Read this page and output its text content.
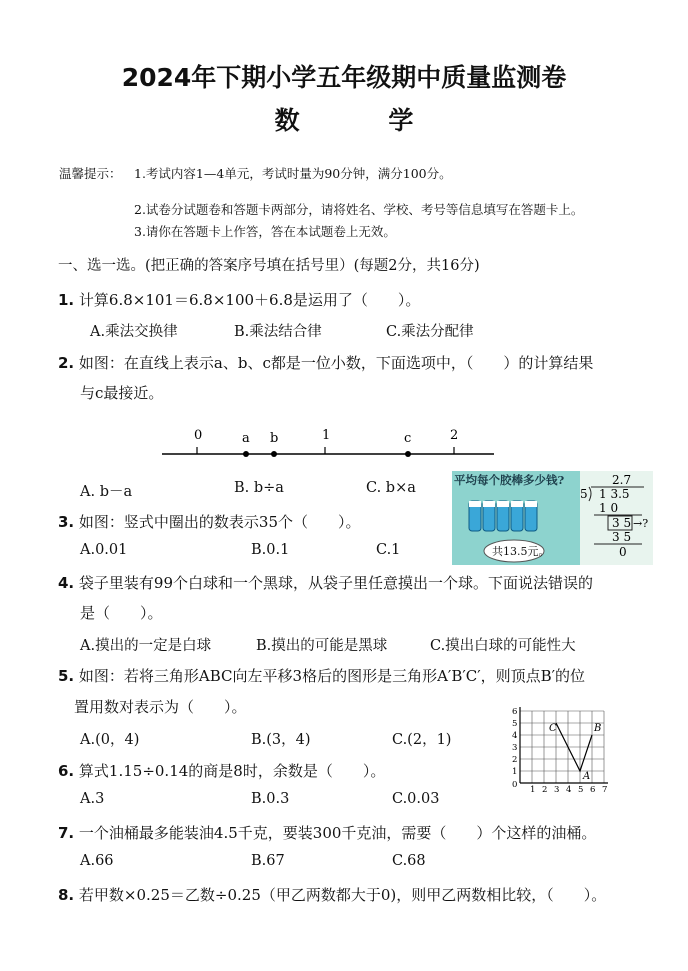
2024年下期小学五年级期中质量监测卷
数 学
温馨提示： 1.考试内容1—4单元，考试时量为90分钟，满分100分。
2.试卷分试题卷和答题卡两部分，请将姓名、学校、考号等信息填写在答题卡上。
3.请你在答题卡上作答，答在本试题卷上无效。
一、选一选。(把正确的答案序号填在括号里）(每题2分，共16分)
1. 计算6.8×101＝6.8×100＋6.8是运用了（　　）。
A.乘法交换律	B.乘法结合律	C.乘法分配律
2. 如图：在直线上表示a、b、c都是一位小数，下面选项中，（　　）的计算结果
与c最接近。
0	a b	1	c	2
A. b－a	B. b÷a	C. b×a	平均每个胶棒多少钱?
共13.5元。
2.7
5 1 3.5
1 0
3 5 →?
3 5
0
3. 如图：竖式中圈出的数表示35个（　　）。
A.0.01	B.0.1	C.1
4. 袋子里装有99个白球和一个黑球，从袋子里任意摸出一个球。下面说法错误的
是（　　）。
A.摸出的一定是白球	B.摸出的可能是黑球	C.摸出白球的可能性大
5. 如图：若将三角形ABC向左平移3格后的图形是三角形A′B′C′，则顶点B′的位
置用数对表示为（　　）。
A.(0，4)	B.(3，4)	C.(2，1)
C	B
A
6
5
4
3
2
1
0 1 2 3 4 5 6 7
6. 算式1.15÷0.14的商是8时，余数是（　　）。
A.3	B.0.3	C.0.03
7. 一个油桶最多能装油4.5千克，要装300千克油，需要（　　）个这样的油桶。
A.66	B.67	C.68
8. 若甲数×0.25＝乙数÷0.25（甲乙两数都大于0)，则甲乙两数相比较，（　　）。
